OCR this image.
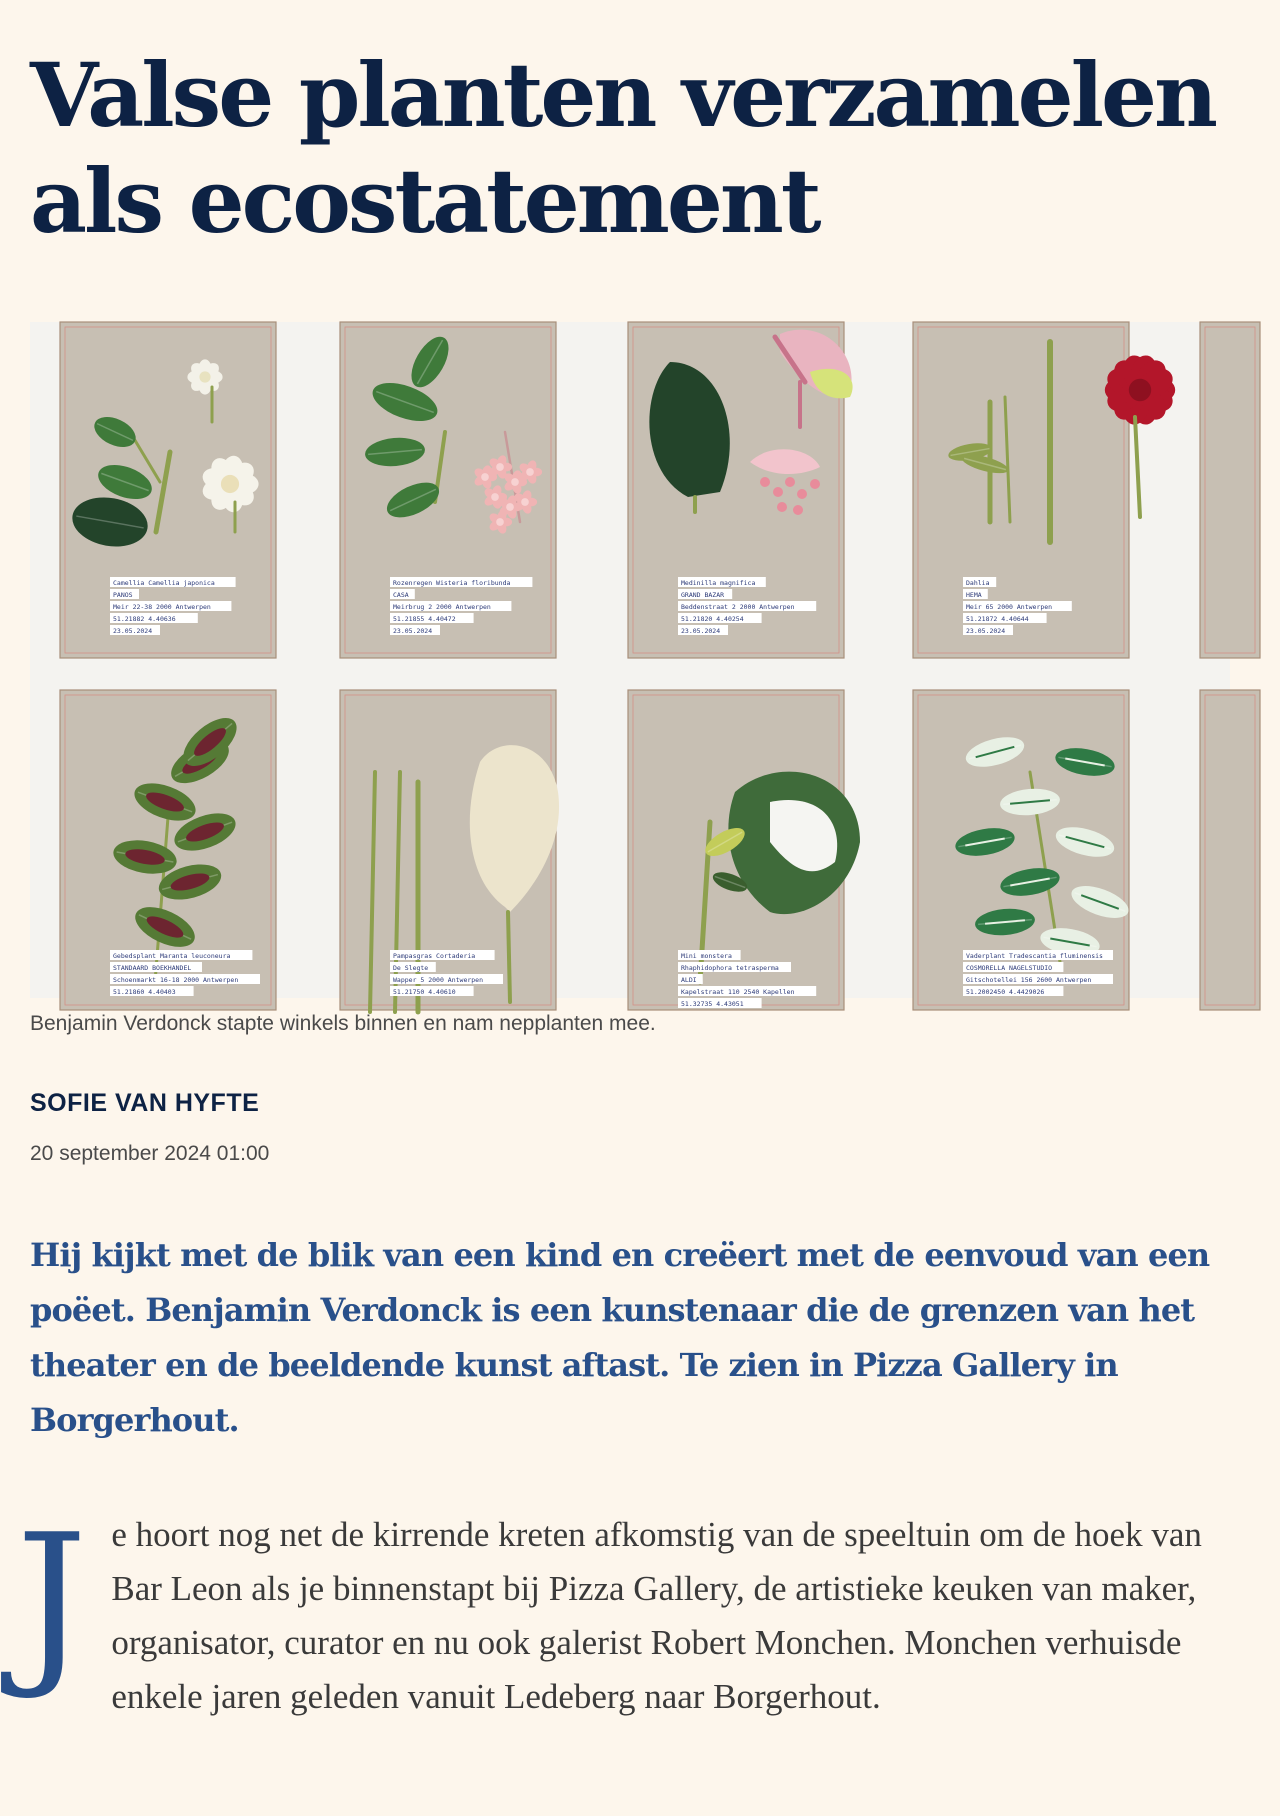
Valse planten verzamelen als ecostatement
Camellia Camellia japonica
PANOS
Meir 22-38 2000 Antwerpen
51.21882 4.40636
23.05.2024
Rozenregen Wisteria floribunda
CASA
Meirbrug 2 2000 Antwerpen
51.21855 4.40472
23.05.2024
Medinilla magnifica
GRAND BAZAR
Beddenstraat 2 2000 Antwerpen
51.21820 4.40254
23.05.2024
Dahlia
HEMA
Meir 65 2000 Antwerpen
51.21872 4.40644
23.05.2024
Gebedsplant Maranta leuconeura
STANDAARD BOEKHANDEL
Schoenmarkt 16-18 2000 Antwerpen
51.21860 4.40403
Pampasgras Cortaderia
De Slegte
Wapper 5 2000 Antwerpen
51.21750 4.40610
Mini monstera
Rhaphidophora tetrasperma
ALDI
Kapelstraat 110 2540 Kapellen
51.32735 4.43051
Vaderplant Tradescantia fluminensis
COSMORELLA NAGELSTUDIO
Gitschotellei 156 2600 Antwerpen
51.2002450 4.4429026
Benjamin Verdonck stapte winkels binnen en nam nepplanten mee.
SOFIE VAN HYFTE
20 september 2024 01:00

Hij kijkt met de blik van een kind en creëert met de eenvoud van een poëet. Benjamin Verdonck is een kunstenaar die de grenzen van het theater en de beeldende kunst aftast. Te zien in Pizza Gallery in Borgerhout.

Je hoort nog net de kirrende kreten afkomstig van de speeltuin om de hoek van Bar Leon als je binnenstapt bij Pizza Gallery, de artistieke keuken van maker, organisator, curator en nu ook galerist Robert Monchen. Monchen verhuisde enkele jaren geleden vanuit Ledeberg naar Borgerhout.
